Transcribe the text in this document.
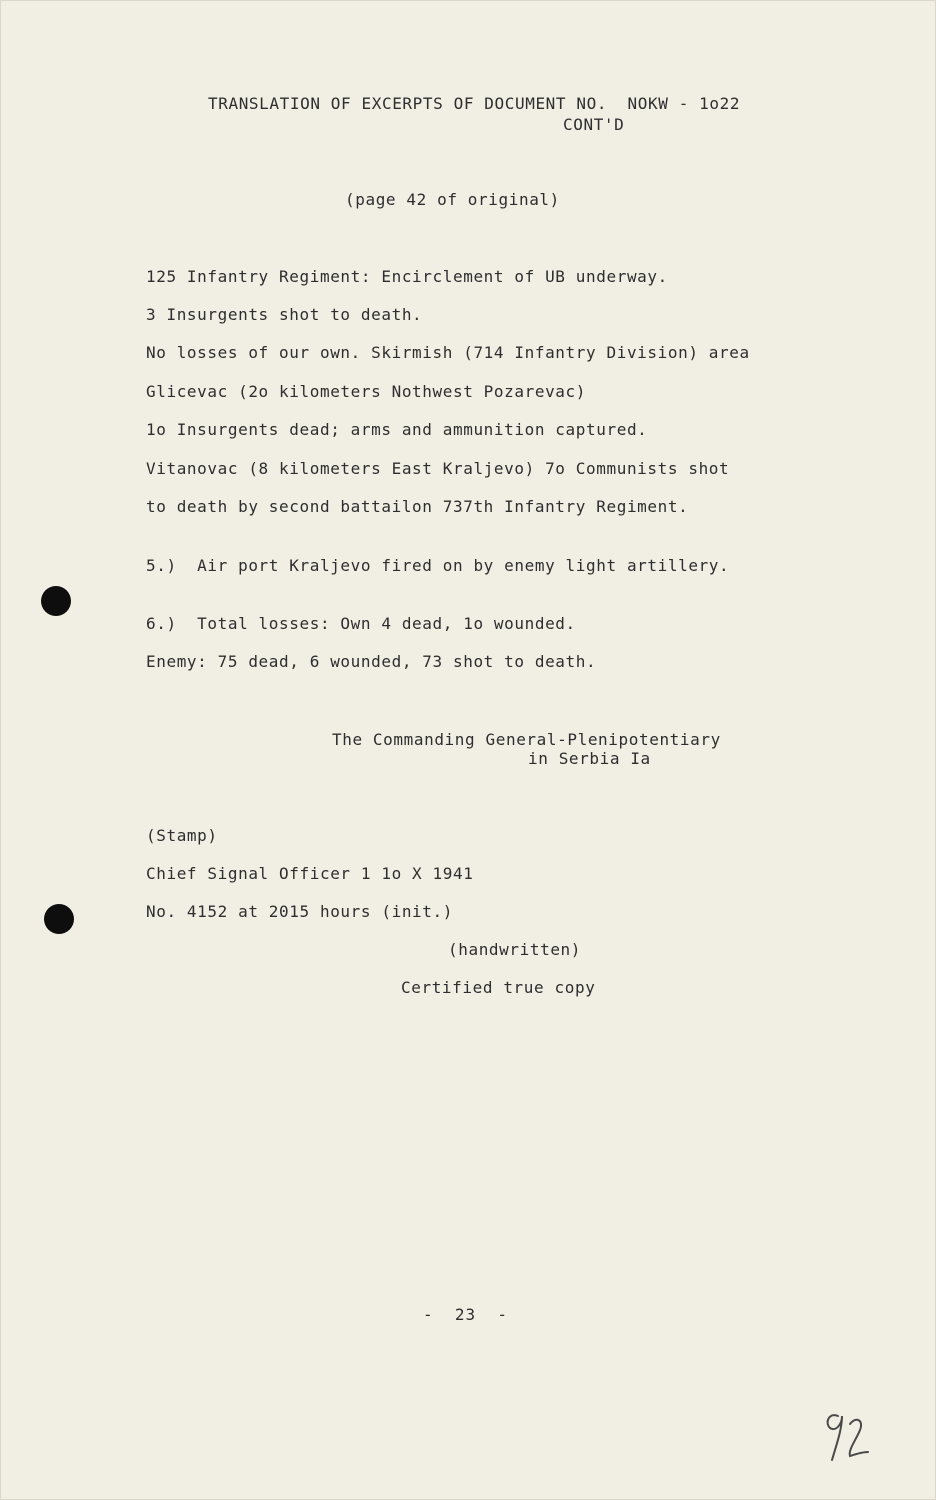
TRANSLATION OF EXCERPTS OF DOCUMENT NO.  NOKW - 1o22
CONT'D
(page 42 of original)
125 Infantry Regiment: Encirclement of UB underway.
3 Insurgents shot to death.
No losses of our own. Skirmish (714 Infantry Division) area
Glicevac (2o kilometers Nothwest Pozarevac)
1o Insurgents dead; arms and ammunition captured.
Vitanovac (8 kilometers East Kraljevo) 7o Communists shot
to death by second battailon 737th Infantry Regiment.
5.)  Air port Kraljevo fired on by enemy light artillery.
6.)  Total losses: Own 4 dead, 1o wounded.
Enemy: 75 dead, 6 wounded, 73 shot to death.
The Commanding General-Plenipotentiary
in Serbia Ia
(Stamp)
Chief Signal Officer 1 1o X 1941
No. 4152 at 2015 hours (init.)
(handwritten)
Certified true copy
-  23  -
